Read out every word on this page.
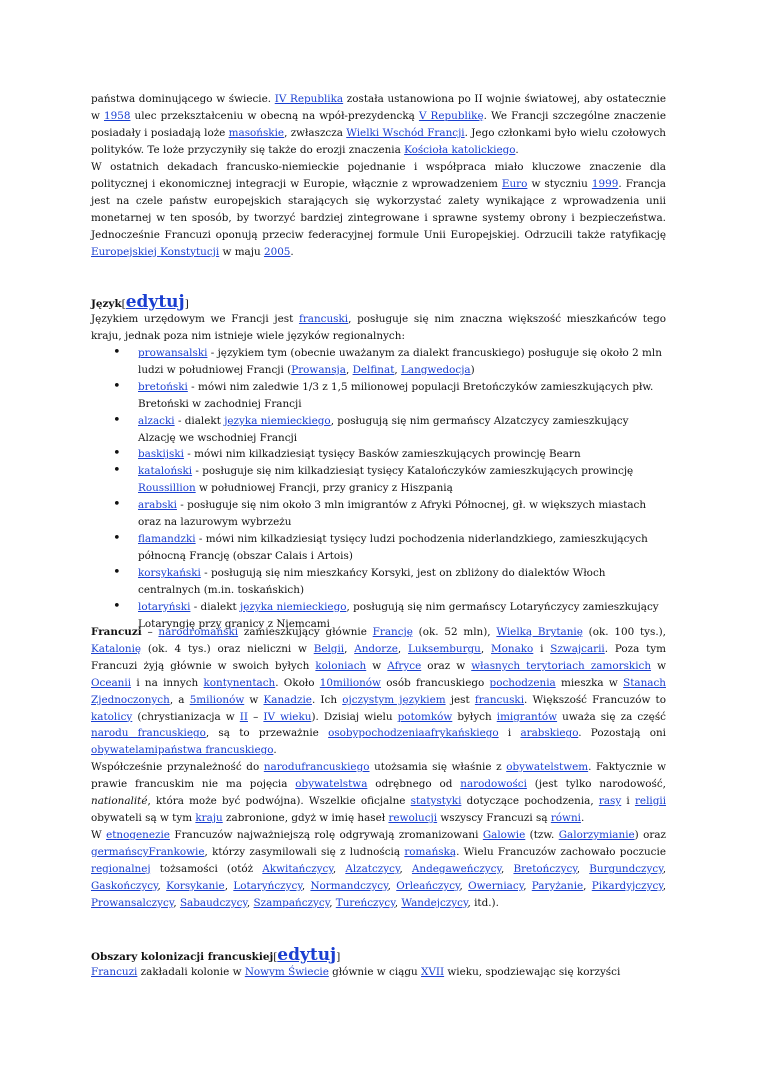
państwa dominującego w świecie. IV Republika została ustanowiona po II wojnie światowej, aby ostatecznie w 1958 ulec przekształceniu w obecną na wpół-prezydencką V Republikę. We Francji szczególne znaczenie posiadały i posiadają loże masońskie, zwłaszcza Wielki Wschód Francji. Jego członkami było wielu czołowych polityków. Te loże przyczyniły się także do erozji znaczenia Kościoła katolickiego.

W ostatnich dekadach francusko-niemieckie pojednanie i współpraca miało kluczowe znaczenie dla politycznej i ekonomicznej integracji w Europie, włącznie z wprowadzeniem Euro w styczniu 1999. Francja jest na czele państw europejskich starających się wykorzystać zalety wynikające z wprowadzenia unii monetarnej w ten sposób, by tworzyć bardziej zintegrowane i sprawne systemy obrony i bezpieczeństwa. Jednocześnie Francuzi oponują przeciw federacyjnej formule Unii Europejskiej. Odrzucili także ratyfikację Europejskiej Konstytucji w maju 2005.

Język[edytuj]

Językiem urzędowym we Francji jest francuski, posługuje się nim znaczna większość mieszkańców tego kraju, jednak poza nim istnieje wiele języków regionalnych:

• prowansalski - językiem tym (obecnie uważanym za dialekt francuskiego) posługuje się około 2 mln ludzi w południowej Francji (Prowansja, Delfinat, Langwedocja)
• bretoński - mówi nim zaledwie 1/3 z 1,5 milionowej populacji Bretończyków zamieszkujących płw. Bretoński w zachodniej Francji
• alzacki - dialekt języka niemieckiego, posługują się nim germańscy Alzatczycy zamieszkujący Alzację we wschodniej Francji
• baskijski - mówi nim kilkadziesiąt tysięcy Basków zamieszkujących prowincję Bearn
• kataloński - posługuje się nim kilkadziesiąt tysięcy Katalończyków zamieszkujących prowincję Roussillion w południowej Francji, przy granicy z Hiszpanią
• arabski - posługuje się nim około 3 mln imigrantów z Afryki Północnej, gł. w większych miastach oraz na lazurowym wybrzeżu
• flamandzki - mówi nim kilkadziesiąt tysięcy ludzi pochodzenia niderlandzkiego, zamieszkujących północną Francję (obszar Calais i Artois)
• korsykański - posługują się nim mieszkańcy Korsyki, jest on zbliżony do dialektów Włoch centralnych (m.in. toskańskich)
• lotaryński - dialekt języka niemieckiego, posługują się nim germańscy Lotaryńczycy zamieszkujący Lotaryngię przy granicy z Niemcami

Francuzi – narodromański zamieszkujący głównie Francję (ok. 52 mln), Wielką Brytanię (ok. 100 tys.), Katalonię (ok. 4 tys.) oraz nieliczni w Belgii, Andorze, Luksemburgu, Monako i Szwajcarii. Poza tym Francuzi żyją głównie w swoich byłych koloniach w Afryce oraz w własnych terytoriach zamorskich w Oceanii i na innych kontynentach. Około 10milionów osób francuskiego pochodzenia mieszka w Stanach Zjednoczonych, a 5milionów w Kanadzie. Ich ojczystym językiem jest francuski. Większość Francuzów to katolicy (chrystianizacja w II – IV wieku). Dzisiaj wielu potomków byłych imigrantów uważa się za część narodu francuskiego, są to przeważnie osobypochodzeniaafrykańskiego i arabskiego. Pozostają oni obywatelamipaństwa francuskiego.

Współcześnie przynależność do narodufrancuskiego utożsamia się właśnie z obywatelstwem. Faktycznie w prawie francuskim nie ma pojęcia obywatelstwa odrębnego od narodowości (jest tylko narodowość, nationalité, która może być podwójna). Wszelkie oficjalne statystyki dotyczące pochodzenia, rasy i religii obywateli są w tym kraju zabronione, gdyż w imię haseł rewolucji wszyscy Francuzi są równi.

W etnogenezie Francuzów najważniejszą rolę odgrywają zromanizowani Galowie (tzw. Galorzymianie) oraz germańscyFrankowie, którzy zasymilowali się z ludnością romańską. Wielu Francuzów zachowało poczucie regionalnej tożsamości (otóż Akwitańczycy, Alzatczycy, Andegaweńczycy, Bretończycy, Burgundczycy, Gaskończycy, Korsykanie, Lotaryńczycy, Normandczycy, Orleańczycy, Owerniacy, Paryżanie, Pikardyjczycy, Prowansalczycy, Sabaudczycy, Szampańczycy, Tureńczycy, Wandejczycy, itd.).

Obszary kolonizacji francuskiej[edytuj]

Francuzi zakładali kolonie w Nowym Świecie głównie w ciągu XVII wieku, spodziewając się korzyści
